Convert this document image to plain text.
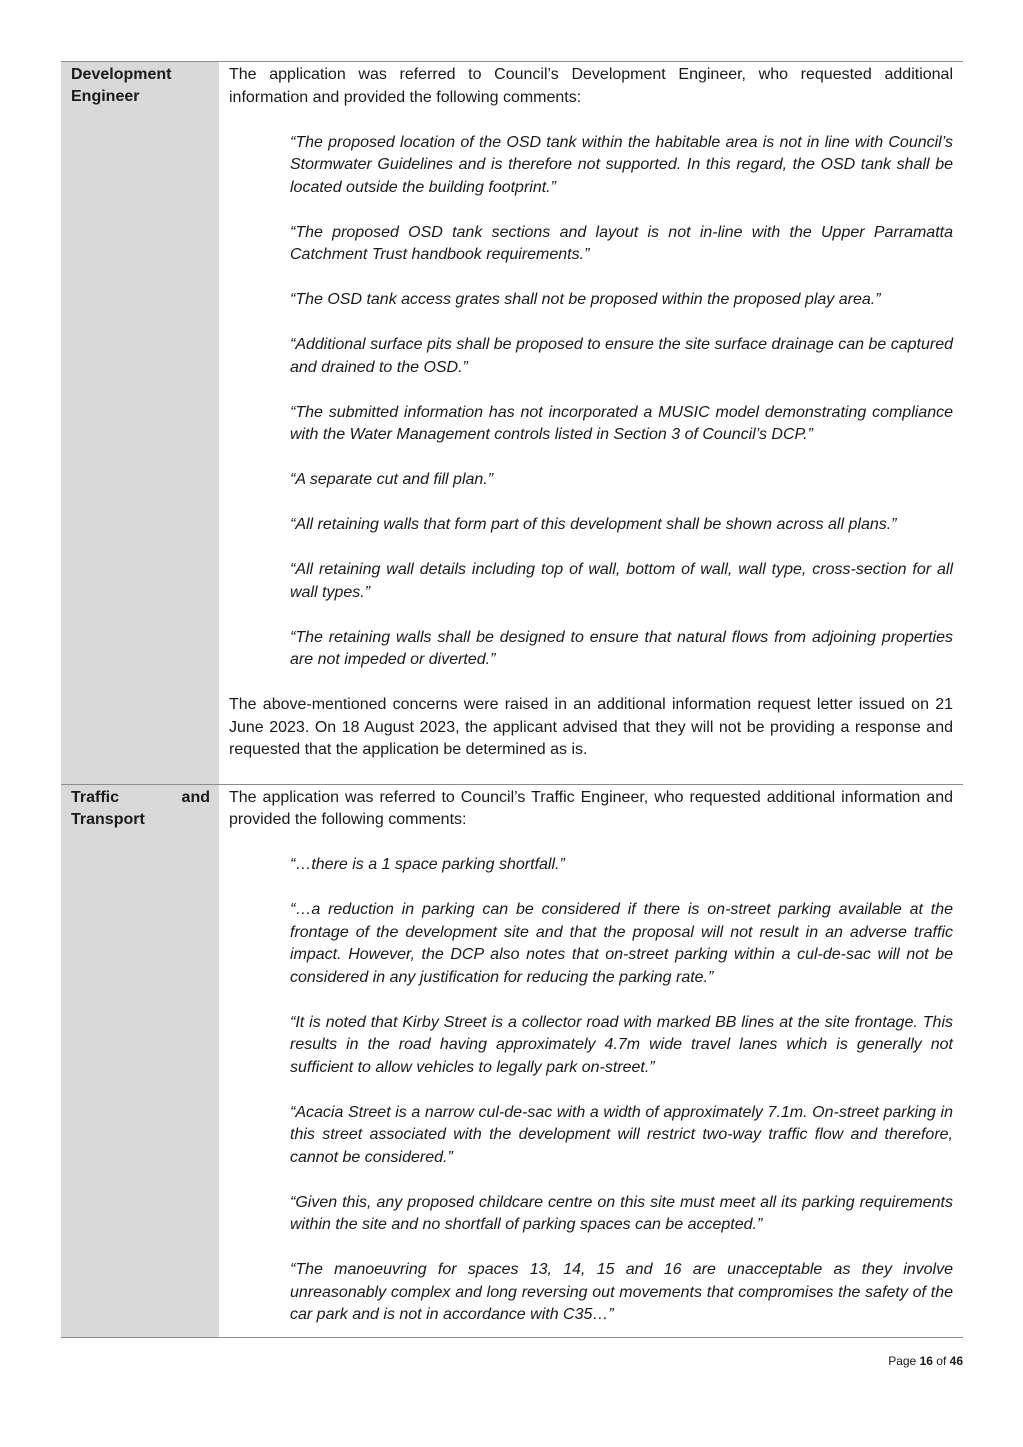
Development
Engineer

The application was referred to Council’s Development Engineer, who requested additional information and provided the following comments:

“The proposed location of the OSD tank within the habitable area is not in line with Council’s Stormwater Guidelines and is therefore not supported. In this regard, the OSD tank shall be located outside the building footprint.”

“The proposed OSD tank sections and layout is not in-line with the Upper Parramatta Catchment Trust handbook requirements.”

“The OSD tank access grates shall not be proposed within the proposed play area.”

“Additional surface pits shall be proposed to ensure the site surface drainage can be captured and drained to the OSD.”

“The submitted information has not incorporated a MUSIC model demonstrating compliance with the Water Management controls listed in Section 3 of Council’s DCP.”

“A separate cut and fill plan.”

“All retaining walls that form part of this development shall be shown across all plans.”

“All retaining wall details including top of wall, bottom of wall, wall type, cross-section for all wall types.”

“The retaining walls shall be designed to ensure that natural flows from adjoining properties are not impeded or diverted.”

The above-mentioned concerns were raised in an additional information request letter issued on 21 June 2023. On 18 August 2023, the applicant advised that they will not be providing a response and requested that the application be determined as is.

Traffic and
Transport

The application was referred to Council’s Traffic Engineer, who requested additional information and provided the following comments:

“…there is a 1 space parking shortfall.”

“…a reduction in parking can be considered if there is on-street parking available at the frontage of the development site and that the proposal will not result in an adverse traffic impact. However, the DCP also notes that on-street parking within a cul-de-sac will not be considered in any justification for reducing the parking rate.”

“It is noted that Kirby Street is a collector road with marked BB lines at the site frontage. This results in the road having approximately 4.7m wide travel lanes which is generally not sufficient to allow vehicles to legally park on-street.”

“Acacia Street is a narrow cul-de-sac with a width of approximately 7.1m. On-street parking in this street associated with the development will restrict two-way traffic flow and therefore, cannot be considered.”

“Given this, any proposed childcare centre on this site must meet all its parking requirements within the site and no shortfall of parking spaces can be accepted.”

“The manoeuvring for spaces 13, 14, 15 and 16 are unacceptable as they involve unreasonably complex and long reversing out movements that compromises the safety of the car park and is not in accordance with C35…”

Page 16 of 46
